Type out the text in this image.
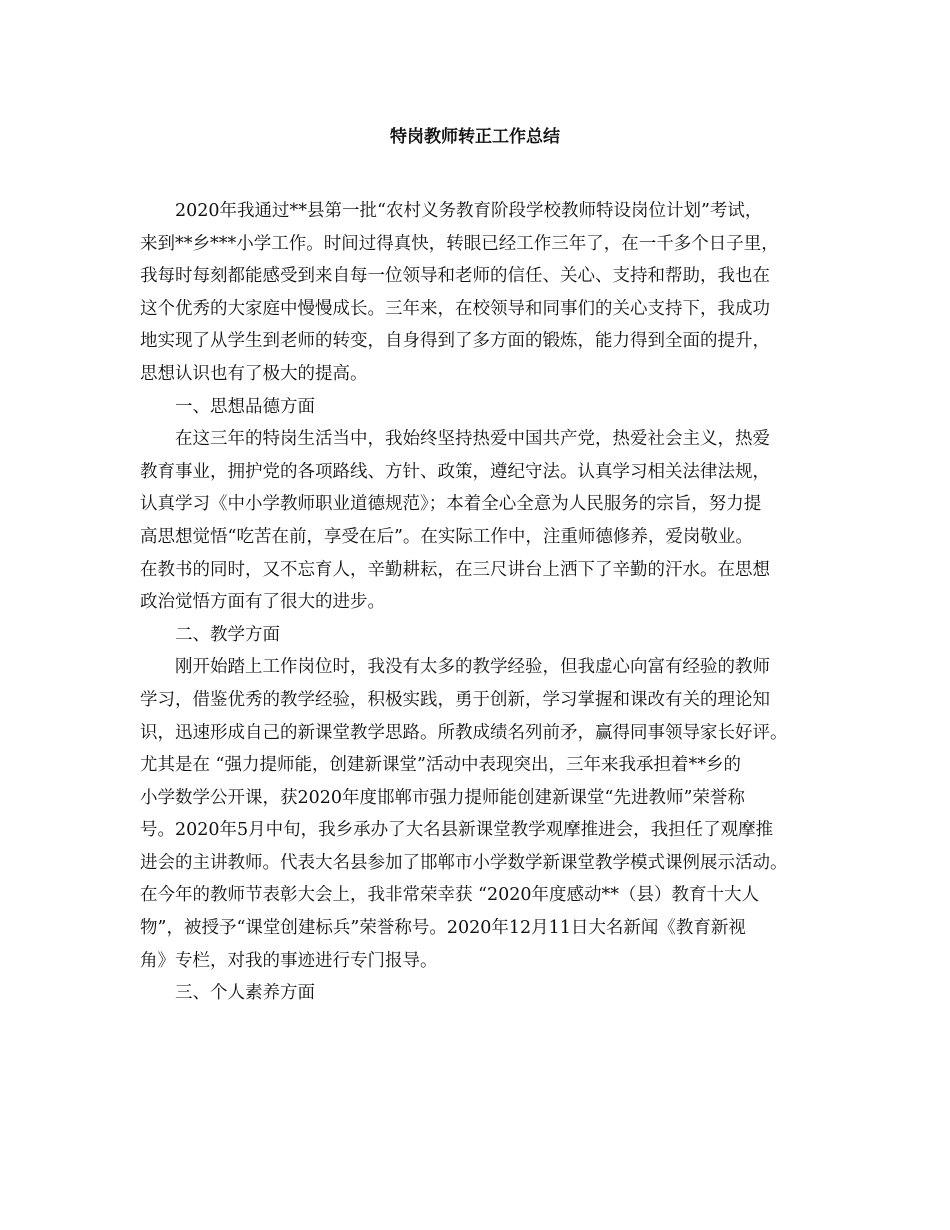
特岗教师转正工作总结
2020年我通过**县第一批“农村义务教育阶段学校教师特设岗位计划”考试，
来到**乡***小学工作。时间过得真快，转眼已经工作三年了，在一千多个日子里，
我每时每刻都能感受到来自每一位领导和老师的信任、关心、支持和帮助，我也在
这个优秀的大家庭中慢慢成长。三年来，在校领导和同事们的关心支持下，我成功
地实现了从学生到老师的转变，自身得到了多方面的锻炼，能力得到全面的提升，
思想认识也有了极大的提高。
一、思想品德方面
在这三年的特岗生活当中，我始终坚持热爱中国共产党，热爱社会主义，热爱
教育事业，拥护党的各项路线、方针、政策，遵纪守法。认真学习相关法律法规，
认真学习《中小学教师职业道德规范》；本着全心全意为人民服务的宗旨，努力提
高思想觉悟“吃苦在前，享受在后”。在实际工作中，注重师德修养，爱岗敬业。
在教书的同时，又不忘育人，辛勤耕耘，在三尺讲台上洒下了辛勤的汗水。在思想
政治觉悟方面有了很大的进步。
二、教学方面
刚开始踏上工作岗位时，我没有太多的教学经验，但我虚心向富有经验的教师
学习，借鉴优秀的教学经验，积极实践，勇于创新，学习掌握和课改有关的理论知
识，迅速形成自己的新课堂教学思路。所教成绩名列前矛，赢得同事领导家长好评。
尤其是在 “强力提师能，创建新课堂”活动中表现突出，三年来我承担着**乡的
小学数学公开课，获2020年度邯郸市强力提师能创建新课堂“先进教师”荣誉称
号。2020年5月中旬，我乡承办了大名县新课堂教学观摩推进会，我担任了观摩推
进会的主讲教师。代表大名县参加了邯郸市小学数学新课堂教学模式课例展示活动。
在今年的教师节表彰大会上，我非常荣幸获 “2020年度感动**（县）教育十大人
物”，被授予“课堂创建标兵”荣誉称号。2020年12月11日大名新闻《教育新视
角》专栏，对我的事迹进行专门报导。
三、个人素养方面
